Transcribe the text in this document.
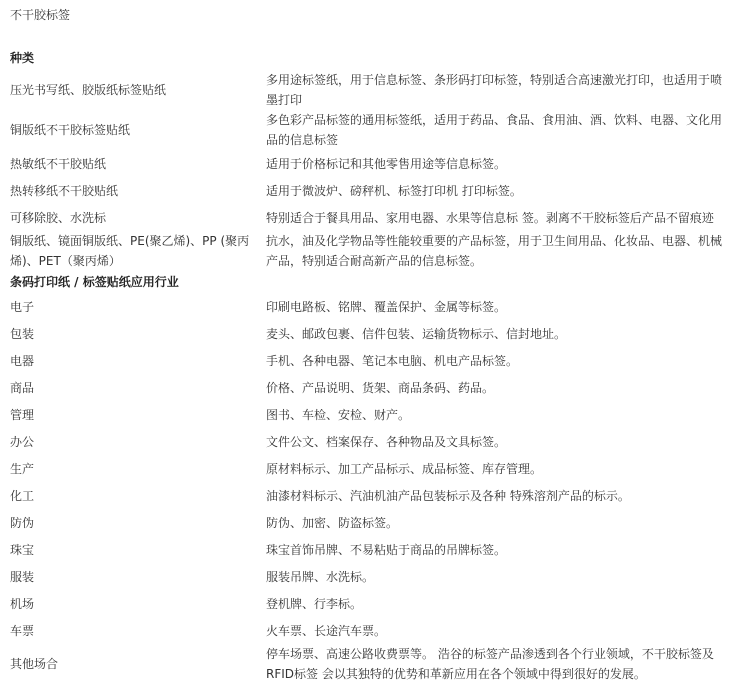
不干胶标签
种类
压光书写纸、胶版纸标签贴纸	多用途标签纸，用于信息标签、条形码打印标签，特别适合高速激光打印，也适用于喷墨打印
铜版纸不干胶标签贴纸	多色彩产品标签的通用标签纸，适用于药品、食品、食用油、酒、饮料、电器、文化用品的信息标签
热敏纸不干胶贴纸	适用于价格标记和其他零售用途等信息标签。
热转移纸不干胶贴纸	适用于微波炉、磅秤机、标签打印机 打印标签。
可移除胶、水洗标	特别适合于餐具用品、家用电器、水果等信息标 签。剥离不干胶标签后产品不留痕迹
铜版纸、镜面铜版纸、PE(聚乙烯)、PP (聚丙烯)、PET（聚丙烯）	抗水，油及化学物品等性能较重要的产品标签，用于卫生间用品、化妆品、电器、机械产品，特别适合耐高新产品的信息标签。
条码打印纸 / 标签贴纸应用行业	
电子	印刷电路板、铭牌、覆盖保护、金属等标签。
包装	麦头、邮政包裹、信件包装、运输货物标示、信封地址。
电器	手机、各种电器、笔记本电脑、机电产品标签。
商品	价格、产品说明、货架、商品条码、药品。
管理	图书、车检、安检、财产。
办公	文件公文、档案保存、各种物品及文具标签。
生产	原材料标示、加工产品标示、成品标签、库存管理。
化工	油漆材料标示、汽油机油产品包装标示及各种 特殊溶剂产品的标示。
防伪	防伪、加密、防盗标签。
珠宝	珠宝首饰吊牌、不易粘贴于商品的吊牌标签。
服装	服装吊牌、水洗标。
机场	登机牌、行李标。
车票	火车票、长途汽车票。
其他场合	停车场票、高速公路收费票等。 浩谷的标签产品渗透到各个行业领域，不干胶标签及RFID标签 会以其独特的优势和革新应用在各个领域中得到很好的发展。
